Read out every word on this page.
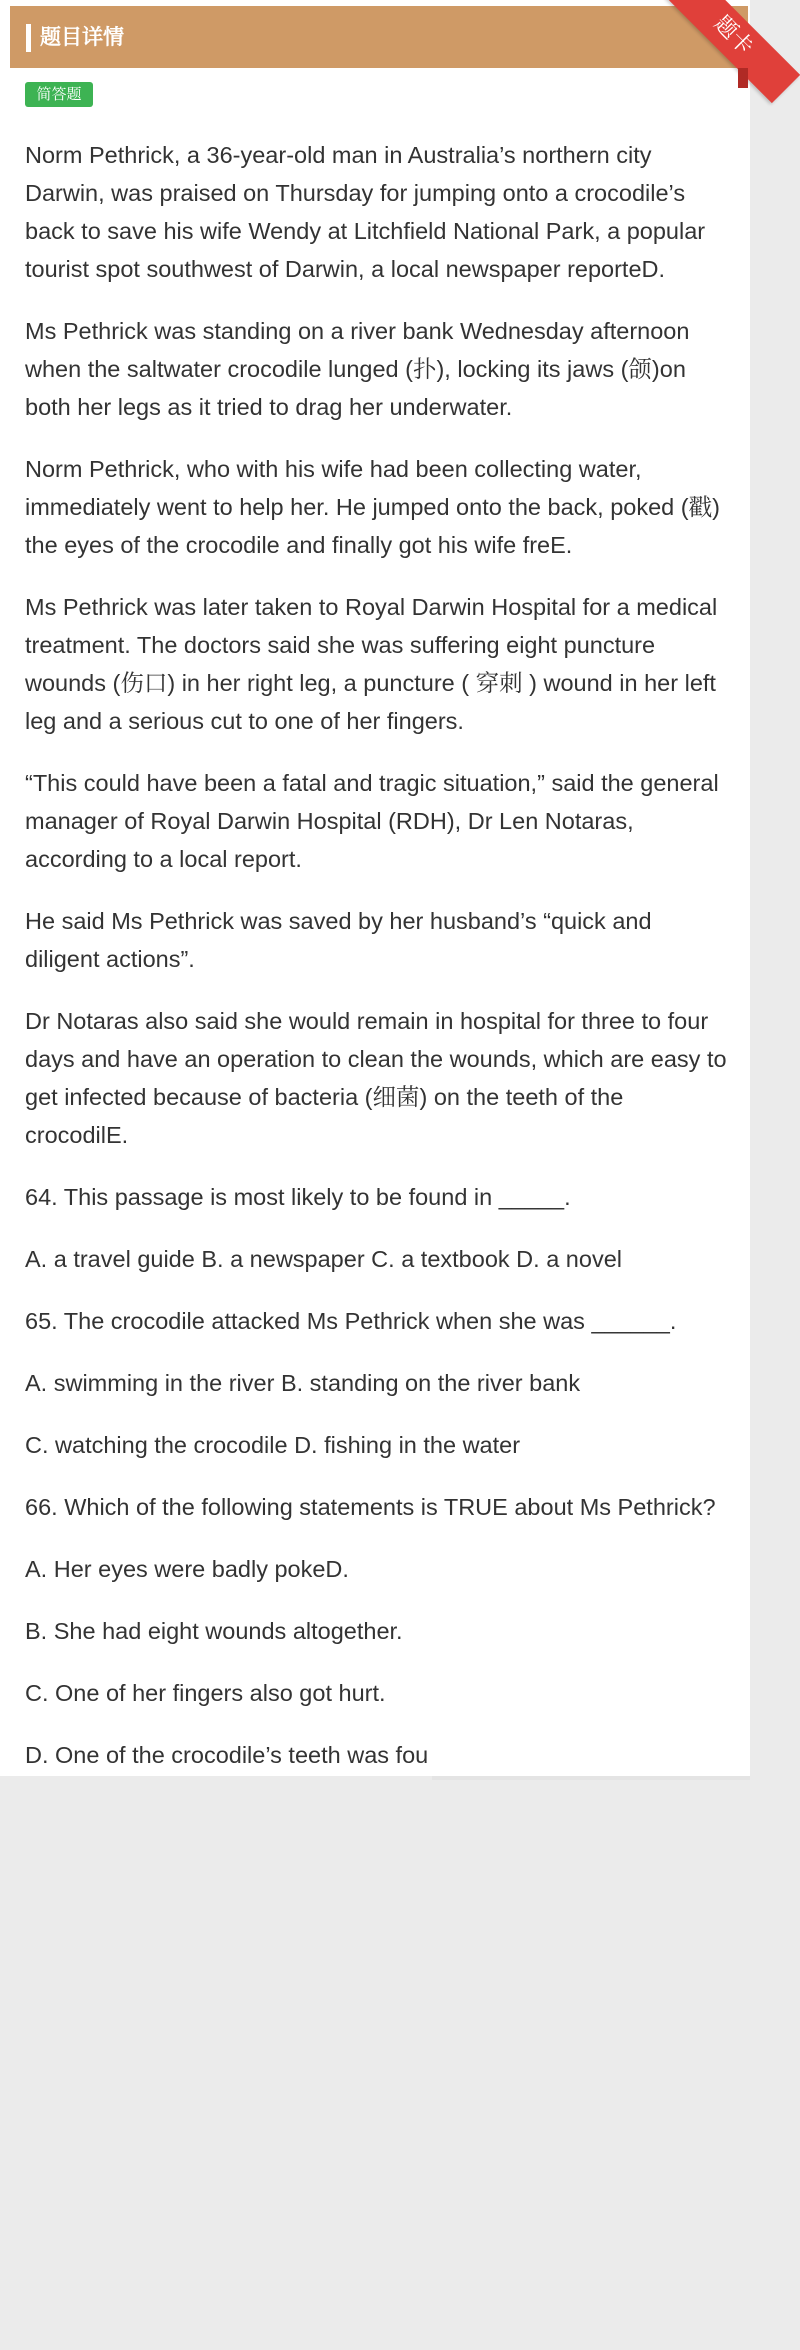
题目详情	题卡
简答题

Norm Pethrick, a 36-year-old man in Australia’s northern city Darwin, was praised on Thursday for jumping onto a crocodile’s back to save his wife Wendy at Litchfield National Park, a popular tourist spot southwest of Darwin, a local newspaper reporteD.

Ms Pethrick was standing on a river bank Wednesday afternoon when the saltwater crocodile lunged (扑), locking its jaws (颌)on both her legs as it tried to drag her underwater.

Norm Pethrick, who with his wife had been collecting water, immediately went to help her. He jumped onto the back, poked (戳) the eyes of the crocodile and finally got his wife freE.

Ms Pethrick was later taken to Royal Darwin Hospital for a medical treatment. The doctors said she was suffering eight puncture wounds (伤口) in her right leg, a puncture ( 穿刺 ) wound in her left leg and a serious cut to one of her fingers.

“This could have been a fatal and tragic situation,” said the general manager of Royal Darwin Hospital (RDH), Dr Len Notaras, according to a local report.

He said Ms Pethrick was saved by her husband’s “quick and diligent actions”.

Dr Notaras also said she would remain in hospital for three to four days and have an operation to clean the wounds, which are easy to get infected because of bacteria (细菌) on the teeth of the crocodilE.

64. This passage is most likely to be found in _____.

A. a travel guide B. a newspaper C. a textbook D. a novel

65. The crocodile attacked Ms Pethrick when she was ______.

A. swimming in the river B. standing on the river bank

C. watching the crocodile D. fishing in the water

66. Which of the following statements is TRUE about Ms Pethrick?

A. Her eyes were badly pokeD.

B. She had eight wounds altogether.

C. One of her fingers also got hurt.

D. One of the crocodile’s teeth was fou
